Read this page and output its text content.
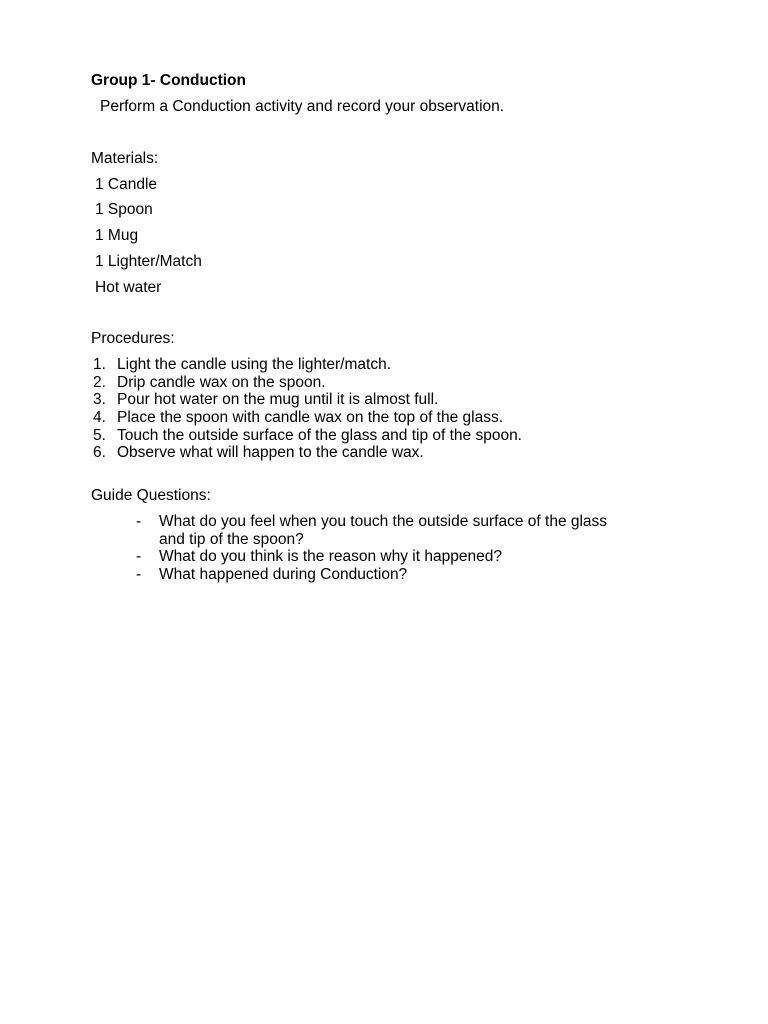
Group 1- Conduction
Perform a Conduction activity and record your observation.
Materials:
1 Candle
1 Spoon
1 Mug
1 Lighter/Match
Hot water
Procedures:
1. Light the candle using the lighter/match.
2. Drip candle wax on the spoon.
3. Pour hot water on the mug until it is almost full.
4. Place the spoon with candle wax on the top of the glass.
5. Touch the outside surface of the glass and tip of the spoon.
6. Observe what will happen to the candle wax.
Guide Questions:
- What do you feel when you touch the outside surface of the glass
and tip of the spoon?
- What do you think is the reason why it happened?
- What happened during Conduction?
